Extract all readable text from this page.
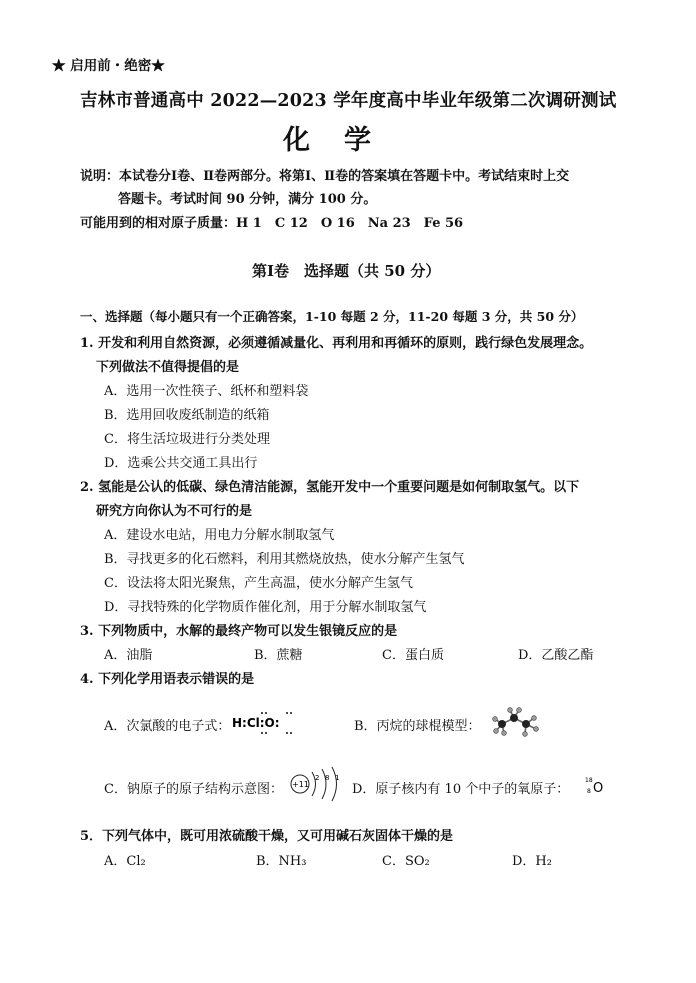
★ 启用前・绝密★
吉林市普通高中 2022—2023 学年度高中毕业年级第二次调研测试
化学
说明：本试卷分Ⅰ卷、Ⅱ卷两部分。将第Ⅰ、Ⅱ卷的答案填在答题卡中。考试结束时上交
答题卡。考试时间 90 分钟，满分 100 分。
可能用到的相对原子质量：H 1　C 12　O 16　Na 23　Fe 56
第Ⅰ卷　选择题（共 50 分）
一、选择题（每小题只有一个正确答案，1-10 每题 2 分，11-20 每题 3 分，共 50 分）
1. 开发和利用自然资源，必须遵循减量化、再利用和再循环的原则，践行绿色发展理念。
下列做法不值得提倡的是
A．选用一次性筷子、纸杯和塑料袋
B．选用回收废纸制造的纸箱
C．将生活垃圾进行分类处理
D．选乘公共交通工具出行
2. 氢能是公认的低碳、绿色清洁能源，氢能开发中一个重要问题是如何制取氢气。以下
研究方向你认为不可行的是
A．建设水电站，用电力分解水制取氢气
B．寻找更多的化石燃料，利用其燃烧放热，使水分解产生氢气
C．设法将太阳光聚焦，产生高温，使水分解产生氢气
D．寻找特殊的化学物质作催化剂，用于分解水制取氢气
3. 下列物质中，水解的最终产物可以发生银镜反应的是
A．油脂	B．蔗糖	C．蛋白质	D．乙酸乙酯
4. 下列化学用语表示错误的是
A．次氯酸的电子式： H:Cl:O:	B．丙烷的球棍模型：
C．钠原子的原子结构示意图： +11
2 8 1
D．原子核内有 10 个中子的氧原子：
18
8 O
5．下列气体中，既可用浓硫酸干燥，又可用碱石灰固体干燥的是
A．Cl₂	B．NH₃	C．SO₂	D．H₂
